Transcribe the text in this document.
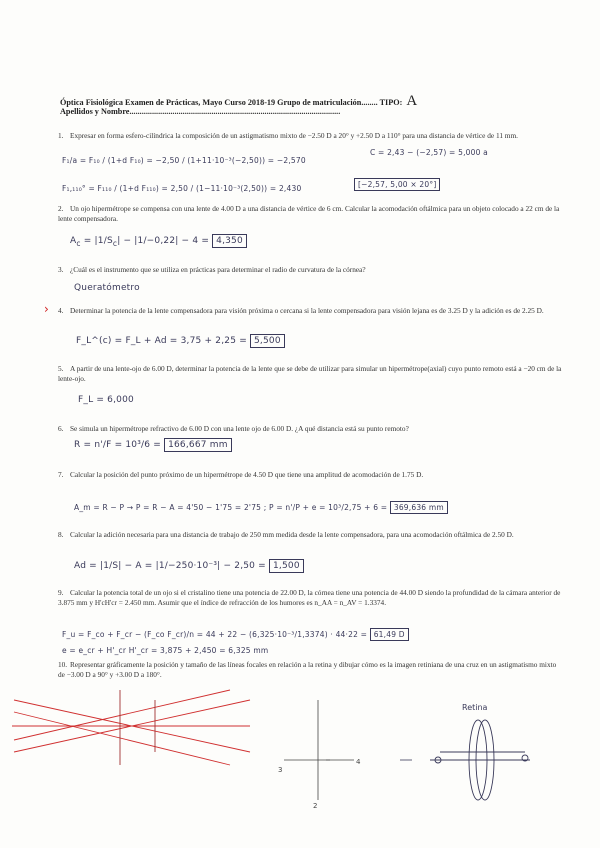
Óptica Fisiológica Examen de Prácticas, Mayo Curso 2018-19 Grupo de matriculación........ TIPO: A
Apellidos y Nombre.......................................................................................................
1. Expresar en forma esfero-cilíndrica la composición de un astigmatismo mixto de −2.50 D a 20° y +2.50 D a 110° para una distancia de vértice de 11 mm.
F₁/a = F₁₀ / (1+d F₁₀) = −2,50 / (1+11·10⁻³(−2,50)) = −2,570
C = 2,43 − (−2,57) = 5,000 a
F₁,₁₁₀° = F₁₁₀ / (1+d F₁₁₀) = 2,50 / (1−11·10⁻³(2,50)) = 2,430	[−2,57, 5,00 × 20°]
2. Un ojo hipermétrope se compensa con una lente de 4.00 D a una distancia de vértice de 6 cm. Calcular la acomodación oftálmica para un objeto colocado a 22 cm de la lente compensadora.
$A_c = |1/S_c| - |1/-0,22| - 4 = 4,350$
3. ¿Cuál es el instrumento que se utiliza en prácticas para determinar el radio de curvatura de la córnea?
Queratómetro
4. Determinar la potencia de la lente compensadora para visión próxima o cercana si la lente compensadora para visión lejana es de 3.25 D y la adición es de 2.25 D.
F_L^(c) = F_L + Ad = 3,75 + 2,25 = 5,500
5. A partir de una lente-ojo de 6.00 D, determinar la potencia de la lente que se debe de utilizar para simular un hipermétrope(axial) cuyo punto remoto está a −20 cm de la lente-ojo.
F_L = 6,000
6. Se simula un hipermétrope refractivo de 6.00 D con una lente ojo de 6.00 D. ¿A qué distancia está su punto remoto?
R = n'/F = 10³/6 = 166,667 mm
7. Calcular la posición del punto próximo de un hipermétrope de 4.50 D que tiene una amplitud de acomodación de 1.75 D.
A_m = R − P → P = R − A = 4'50 − 1'75 = 2'75 ; P = n'/P + e = 10³/2,75 + 6 = 369,636 mm
8. Calcular la adición necesaria para una distancia de trabajo de 250 mm medida desde la lente compensadora, para una acomodación oftálmica de 2.50 D.
Ad = |1/S| − A = |1/−250·10⁻³| − 2,50 = 1,500
9. Calcular la potencia total de un ojo si el cristalino tiene una potencia de 22.00 D, la córnea tiene una potencia de 44.00 D siendo la profundidad de la cámara anterior de 3.875 mm y H'cH'cr = 2.450 mm. Asumir que el índice de refracción de los humores es n_AA = n_AV = 1.3374.
F_u = F_co + F_cr − (F_co F_cr)/n = 44 + 22 − (6,325·10⁻³/1,3374) · 44·22 = 61,49 D
e = e_cr + H'_cr H'_cr = 3,875 + 2,450 = 6,325 mm
10. Representar gráficamente la posición y tamaño de las líneas focales en relación a la retina y dibujar cómo es la imagen retiniana de una cruz en un astigmatismo mixto de −3.00 D a 90° y +3.00 D a 180°.
›
3
4
2
Retina
